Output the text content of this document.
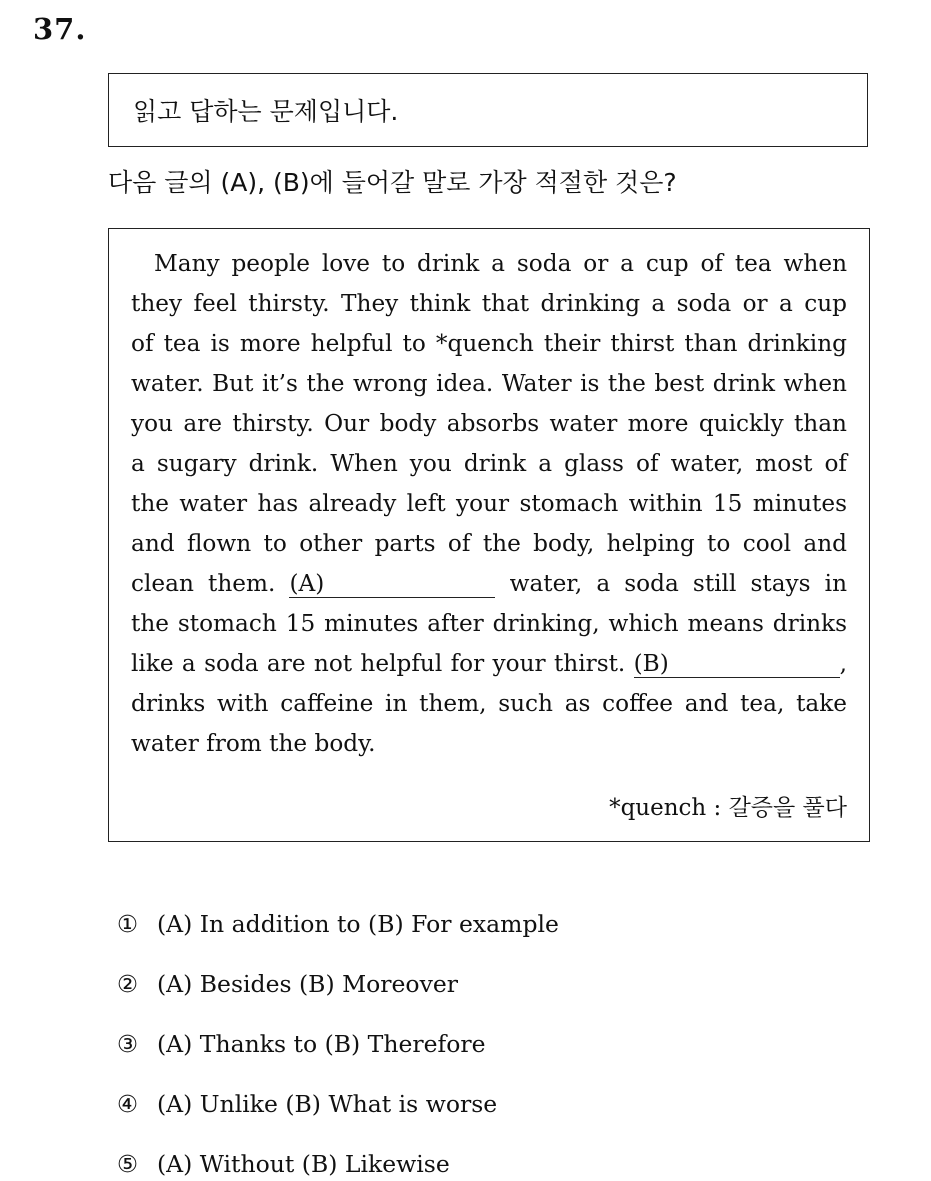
37.
읽고 답하는 문제입니다.
다음 글의 (A), (B)에 들어갈 말로 가장 적절한 것은?
Many people love to drink a soda or a cup of tea when
they feel thirsty. They think that drinking a soda or a cup
of tea is more helpful to *quench their thirst than drinking
water. But it’s the wrong idea. Water is the best drink when
you are thirsty. Our body absorbs water more quickly than
a sugary drink. When you drink a glass of water, most of
the water has already left your stomach within 15 minutes
and flown to other parts of the body, helping to cool and
clean them. (A)	water, a soda still stays in
the stomach 15 minutes after drinking, which means drinks
like a soda are not helpful for your thirst. (B)	,
drinks with caffeine in them, such as coffee and tea, take
water from the body.
*quench : 갈증을 풀다
① (A) In addition to (B) For example
② (A) Besides (B) Moreover
③ (A) Thanks to (B) Therefore
④ (A) Unlike (B) What is worse
⑤ (A) Without (B) Likewise
